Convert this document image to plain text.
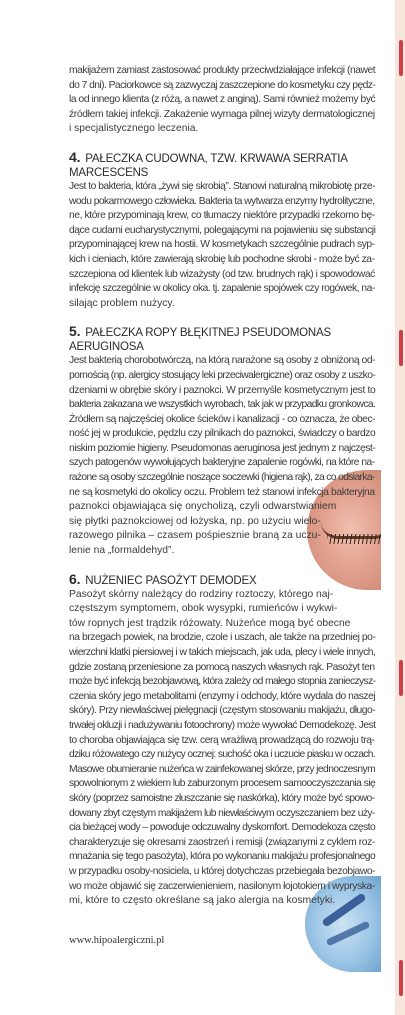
makijażem zamiast zastosować produkty przeciwdziałające infekcji (nawet
do 7 dni). Paciorkowce są zazwyczaj zaszczepione do kosmetyku czy pędz-
la od innego klienta (z różą, a nawet z anginą). Sami również możemy być
źródłem takiej infekcji. Zakażenie wymaga pilnej wizyty dermatologicznej
i specjalistycznego leczenia.

4. PAŁECZKA CUDOWNA, TZW. KRWAWA SERRATIA MARCESCENS

Jest to bakteria, która „żywi się skrobią”. Stanowi naturalną mikrobiotę prze-
wodu pokarmowego człowieka. Bakteria ta wytwarza enzymy hydrolityczne,
ne, które przypominają krew, co tłumaczy niektóre przypadki rzekomo bę-
dące cudami eucharystycznymi, polegającymi na pojawieniu się substancji
przypominającej krew na hostii. W kosmetykach szczególnie pudrach syp-
kich i cieniach, które zawierają skrobię lub pochodne skrobi - może być za-
szczepiona od klientek lub wizażysty (od tzw. brudnych rąk) i spowodować
infekcję szczególnie w okolicy oka. tj. zapalenie spojówek czy rogówek, na-
silając problem nużycy.

5. PAŁECZKA ROPY BŁĘKITNEJ PSEUDOMONAS AERUGINOSA

Jest bakterią chorobotwórczą, na którą narażone są osoby z obniżoną od-
pornością (np. alergicy stosujący leki przeciwalergiczne) oraz osoby z uszko-
dzeniami w obrębie skóry i paznokci. W przemyśle kosmetycznym jest to
bakteria zakazana we wszystkich wyrobach, tak jak w przypadku gronkowca.
Źródłem są najczęściej okolice ścieków i kanalizacji - co oznacza, że obec-
ność jej w produkcie, pędzlu czy pilnikach do paznokci, świadczy o bardzo
niskim poziomie higieny. Pseudomonas aeruginosa jest jednym z najczęst-
szych patogenów wywołujących bakteryjne zapalenie rogówki, na które na-
rażone są osoby szczególnie noszące soczewki (higiena rąk), za co odsiarka-
ne są kosmetyki do okolicy oczu. Problem też stanowi infekcja bakteryjna
paznokci objawiająca się onycholizą, czyli odwarstwianiem
się płytki paznokciowej od łożyska, np. po użyciu wielo-
razowego pilnika – czasem pośpiesznie braną za uczu-
lenie na „formaldehyd”.

6. NUŻENIEC PASOŻYT DEMODEX

Pasożyt skórny należący do rodziny roztoczy, którego naj-
częstszym symptomem, obok wysypki, rumieńców i wykwi-
tów ropnych jest trądzik różowaty. Nużeńce mogą być obecne
na brzegach powiek, na brodzie, czole i uszach, ale także na przedniej po-
wierzchni klatki piersiowej i w takich miejscach, jak uda, plecy i wiele innych,
gdzie zostaną przeniesione za pomocą naszych własnych rąk. Pasożyt ten
może być infekcją bezobjawową, która zależy od małego stopnia zanieczysz-
czenia skóry jego metabolitami (enzymy i odchody, które wydala do naszej
skóry). Przy niewłaściwej pielęgnacji (częstym stosowaniu makijażu, długo-
trwałej okluzji i nadużywaniu fotoochrony) może wywołać Demodekozę. Jest
to choroba objawiająca się tzw. cerą wrażliwą prowadzącą do rozwoju trą-
dziku różowatego czy nużycy ocznej: suchość oka i uczucie piasku w oczach.
Masowe obumieranie nużeńca w zainfekowanej skórze, przy jednoczesnym
spowolnionym z wiekiem lub zaburzonym procesem samooczyszczania się
skóry (poprzez samoistne złuszczanie się naskórka), który może być spowo-
dowany zbyt częstym makijażem lub niewłaściwym oczyszczaniem bez uży-
cia bieżącej wody – powoduje odczuwalny dyskomfort. Demodekoza często
charakteryzuje się okresami zaostrzeń i remisji (związanymi z cyklem roz-
mnażania się tego pasożyta), która po wykonaniu makijażu profesjonalnego
w przypadku osoby-nosiciela, u której dotychczas przebiegała bezobjawo-
wo może objawić się zaczerwienieniem, nasilonym łojotokiem i wypryska-
mi, które to często określane są jako alergia na kosmetyki.

www.hipoalergiczni.pl
